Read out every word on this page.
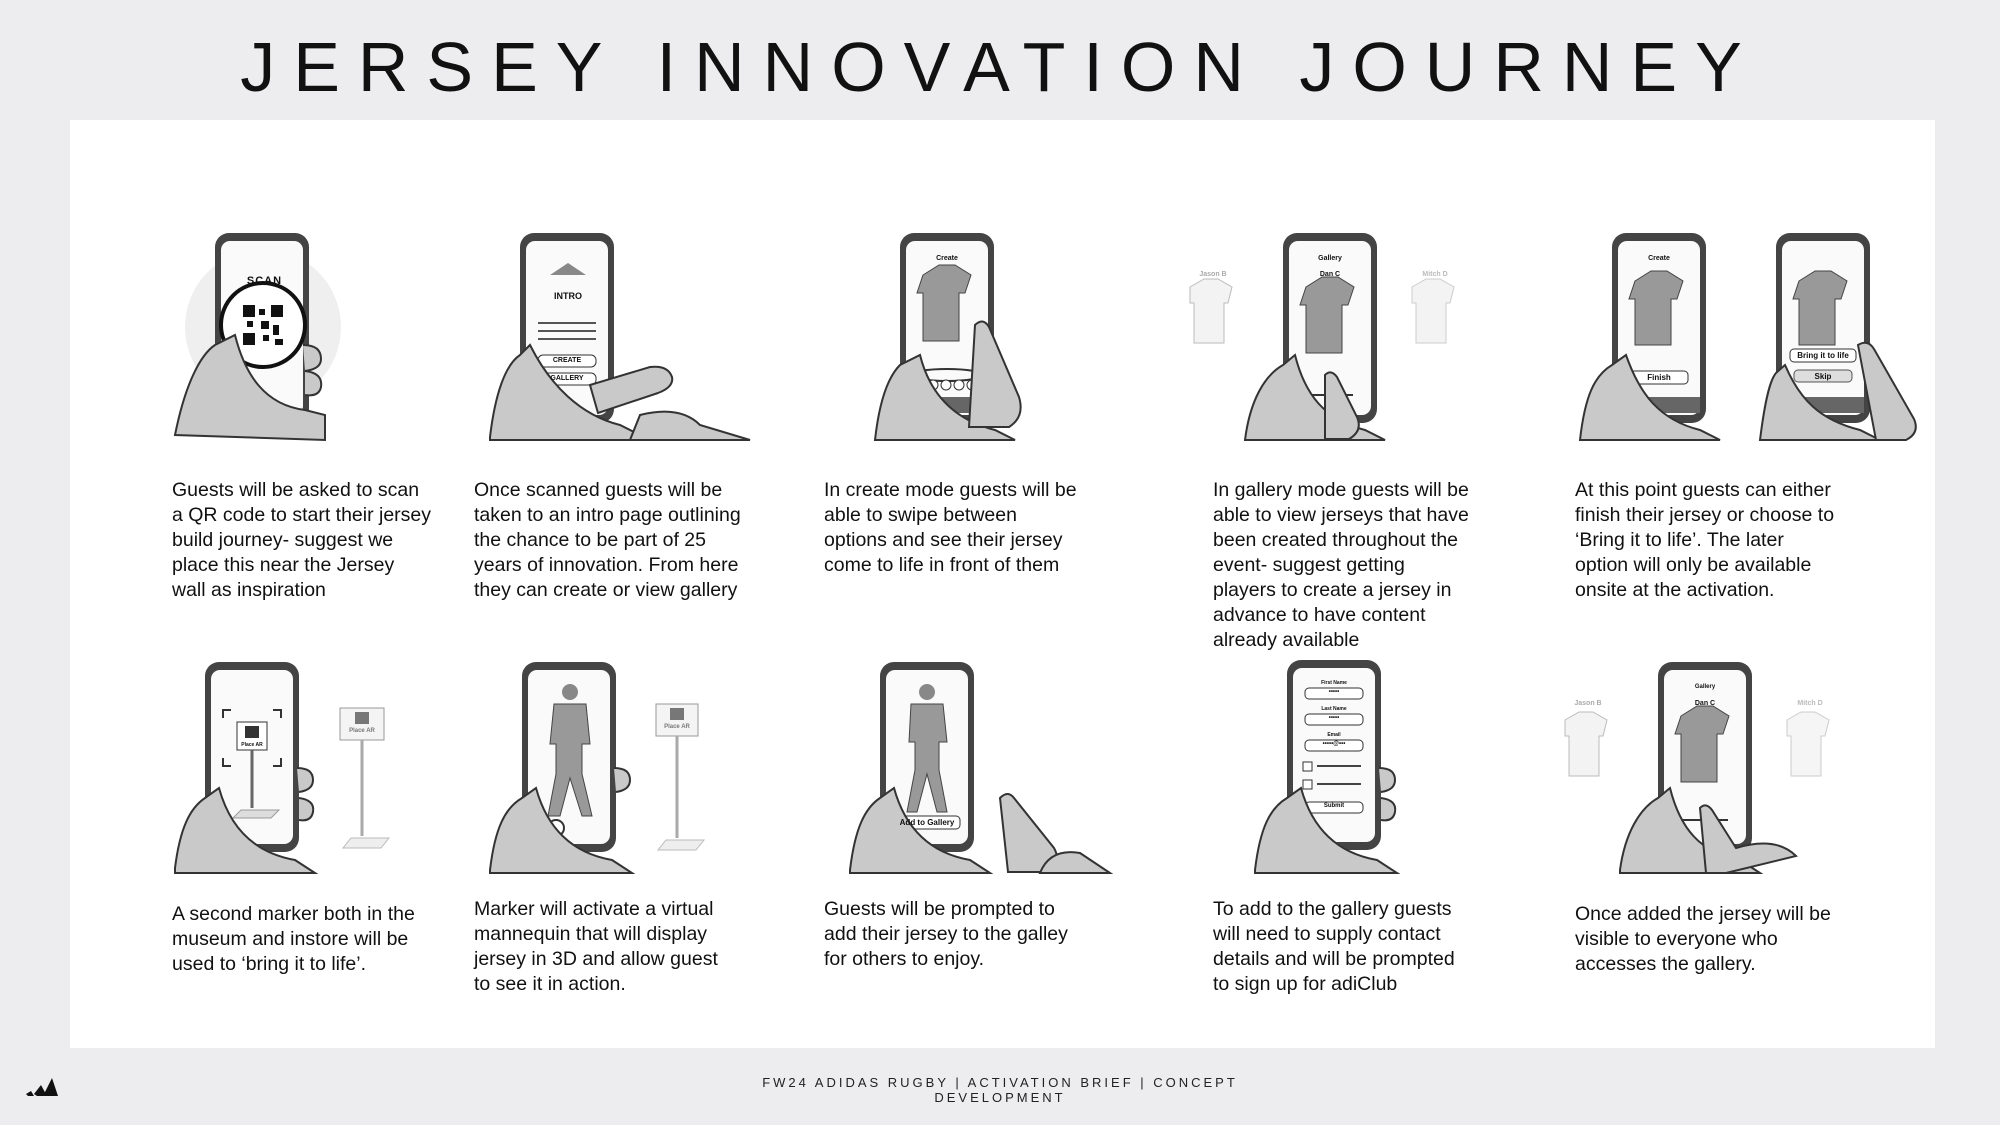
JERSEY INNOVATION JOURNEY
SCAN
Guests will be asked to scan a QR code to start their jersey build journey- suggest we place this near the Jersey wall as inspiration
INTRO
CREATE
GALLERY
Once scanned guests will be taken to an intro page outlining the chance to be part of 25 years of innovation. From here they can create or view gallery
Create
In create mode guests will be able to swipe between options and see their jersey come to life in front of them
Gallery
Dan C
Jason B	Mitch D
In gallery mode guests will be able to view jerseys that have been created throughout the event- suggest getting players to create a jersey in advance to have content already available
Create
Finish
Bring it to life
Skip
At this point guests can either finish their jersey or choose to ‘Bring it to life’. The later option will only be available onsite at the activation.
Place AR
Place AR
A second marker both in the museum and instore will be used to ‘bring it to life’.
Place AR
Marker will activate a virtual mannequin that will display jersey in 3D and allow guest to see it in action.
Add to Gallery
Guests will be prompted to add their jersey to the galley for others to enjoy.
First Name
•••••
Last Name
•••••
Email
•••••@•••
Submit
To add to the gallery guests will need to supply contact details and will be prompted to sign up for adiClub
Gallery
Dan C
Jason B	Mitch D
Once added the jersey will be visible to everyone who accesses the gallery.
FW24 ADIDAS RUGBY | ACTIVATION BRIEF | CONCEPT DEVELOPMENT
